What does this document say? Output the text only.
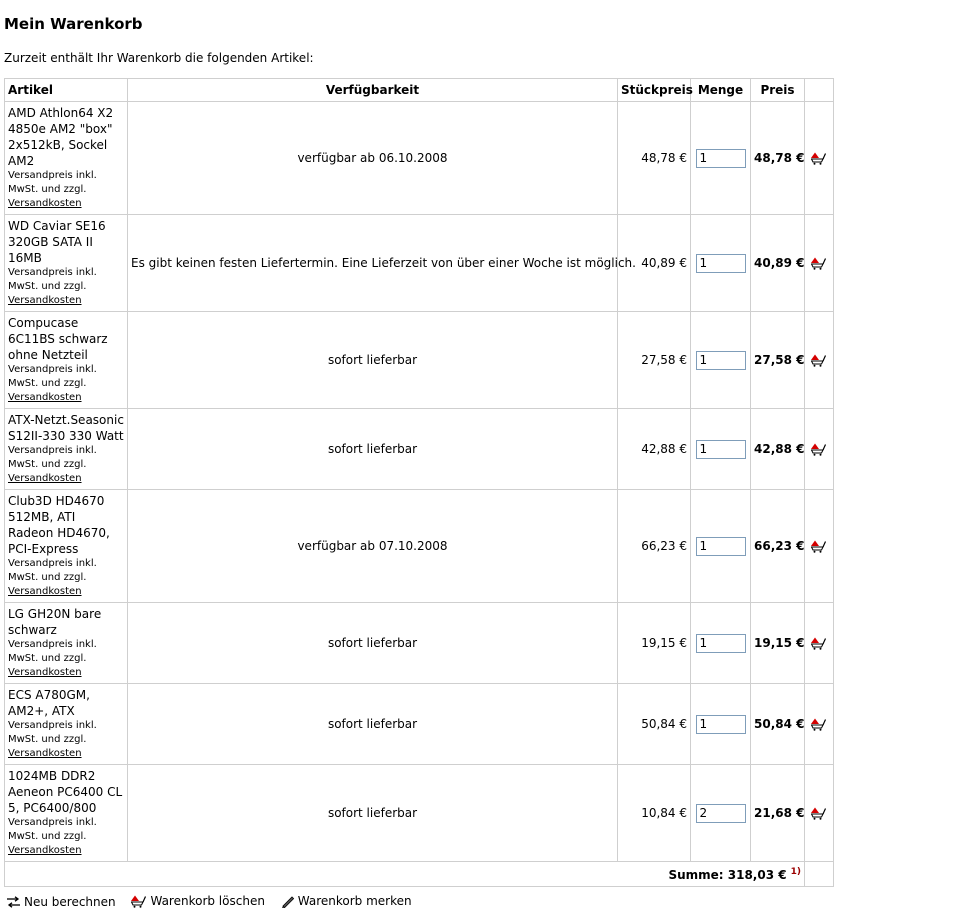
Mein Warenkorb

Zurzeit enthält Ihr Warenkorb die folgenden Artikel:

Artikel	Verfügbarkeit	Stückpreis	Menge	Preis	

AMD Athlon64 X2 4850e AM2 "box" 2x512kB, Sockel AM2
Versandpreis inkl. MwSt. und zzgl.
Versandkosten	verfügbar ab 06.10.2008	48,78 €	1	48,78 €	

WD Caviar SE16 320GB SATA II 16MB
Versandpreis inkl. MwSt. und zzgl.
Versandkosten	Es gibt keinen festen Liefertermin. Eine Lieferzeit von über einer Woche ist möglich.	40,89 €	1	40,89 €	

Compucase 6C11BS schwarz ohne Netzteil
Versandpreis inkl. MwSt. und zzgl.
Versandkosten	sofort lieferbar	27,58 €	1	27,58 €	

ATX-Netzt.Seasonic S12II-330 330 Watt
Versandpreis inkl. MwSt. und zzgl.
Versandkosten	sofort lieferbar	42,88 €	1	42,88 €	

Club3D HD4670 512MB, ATI Radeon HD4670, PCI-Express
Versandpreis inkl. MwSt. und zzgl.
Versandkosten	verfügbar ab 07.10.2008	66,23 €	1	66,23 €	

LG GH20N bare schwarz
Versandpreis inkl. MwSt. und zzgl.
Versandkosten	sofort lieferbar	19,15 €	1	19,15 €	

ECS A780GM, AM2+, ATX
Versandpreis inkl. MwSt. und zzgl.
Versandkosten	sofort lieferbar	50,84 €	1	50,84 €	

1024MB DDR2 Aeneon PC6400 CL 5, PC6400/800
Versandpreis inkl. MwSt. und zzgl.
Versandkosten	sofort lieferbar	10,84 €	2	21,68 €	
Summe: 318,03 € $^{1)}$	
Neu berechnen
	Warenkorb löschen
	Warenkorb merken
